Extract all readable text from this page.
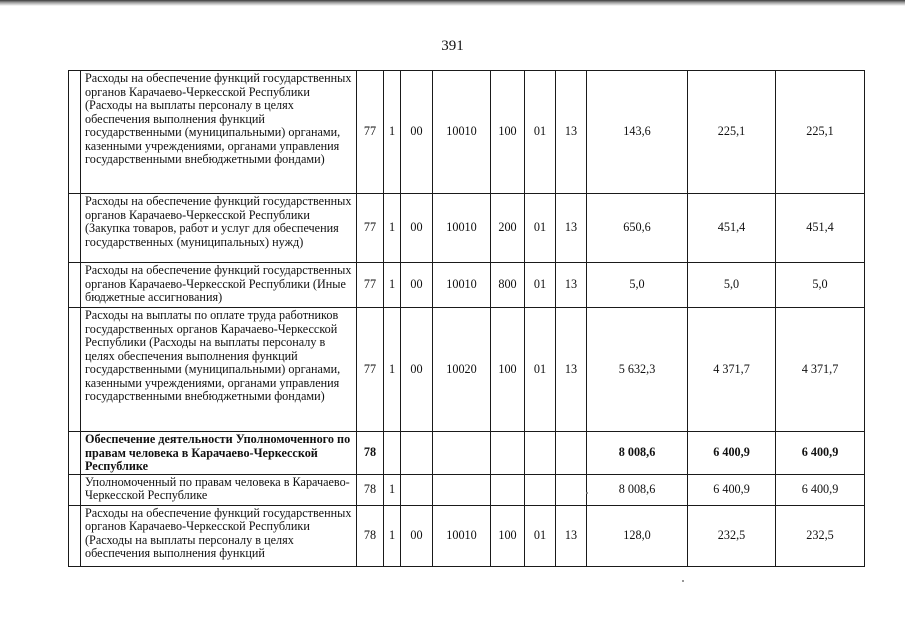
391
	Расходы на обеспечение функций государственных органов Карачаево-Черкесской Республики (Расходы на выплаты персоналу в целях обеспечения выполнения функций государственными (муниципальными) органами, казенными учреждениями, органами управления государственными внебюджетными фондами)	77	1	00	10010	100	01	13	143,6	225,1	225,1
	Расходы на обеспечение функций государственных органов Карачаево-Черкесской Республики (Закупка товаров, работ и услуг для обеспечения государственных (муниципальных) нужд)	77	1	00	10010	200	01	13	650,6	451,4	451,4
	Расходы на обеспечение функций государственных органов Карачаево-Черкесской Республики (Иные бюджетные ассигнования)	77	1	00	10010	800	01	13	5,0	5,0	5,0
	Расходы на выплаты по оплате труда работников государственных органов Карачаево-Черкесской Республики (Расходы на выплаты персоналу в целях обеспечения выполнения функций государственными (муниципальными) органами, казенными учреждениями, органами управления государственными внебюджетными фондами)	77	1	00	10020	100	01	13	5 632,3	4 371,7	4 371,7
	Обеспечение деятельности Уполномоченного по правам человека в Карачаево-Черкесской Республике	78							8 008,6	6 400,9	6 400,9
	Уполномоченный по правам человека в Карачаево-Черкесской Республике	78	1						8 008,6	6 400,9	6 400,9
	Расходы на обеспечение функций государственных органов Карачаево-Черкесской Республики (Расходы на выплаты персоналу в целях обеспечения выполнения функций	78	1	00	10010	100	01	13	128,0	232,5	232,5
